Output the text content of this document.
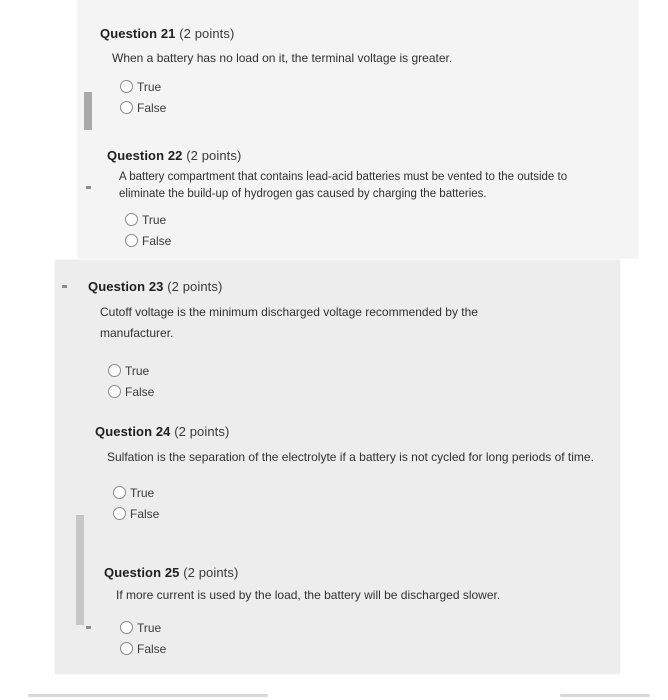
Question 21 (2 points)
When a battery has no load on it, the terminal voltage is greater.
True
False
Question 22 (2 points)
A battery compartment that contains lead-acid batteries must be vented to the outside to eliminate the build-up of hydrogen gas caused by charging the batteries.
True
False
Question 23 (2 points)
Cutoff voltage is the minimum discharged voltage recommended by the manufacturer.
True
False
Question 24 (2 points)
Sulfation is the separation of the electrolyte if a battery is not cycled for long periods of time.
True
False
Question 25 (2 points)
If more current is used by the load, the battery will be discharged slower.
True
False
